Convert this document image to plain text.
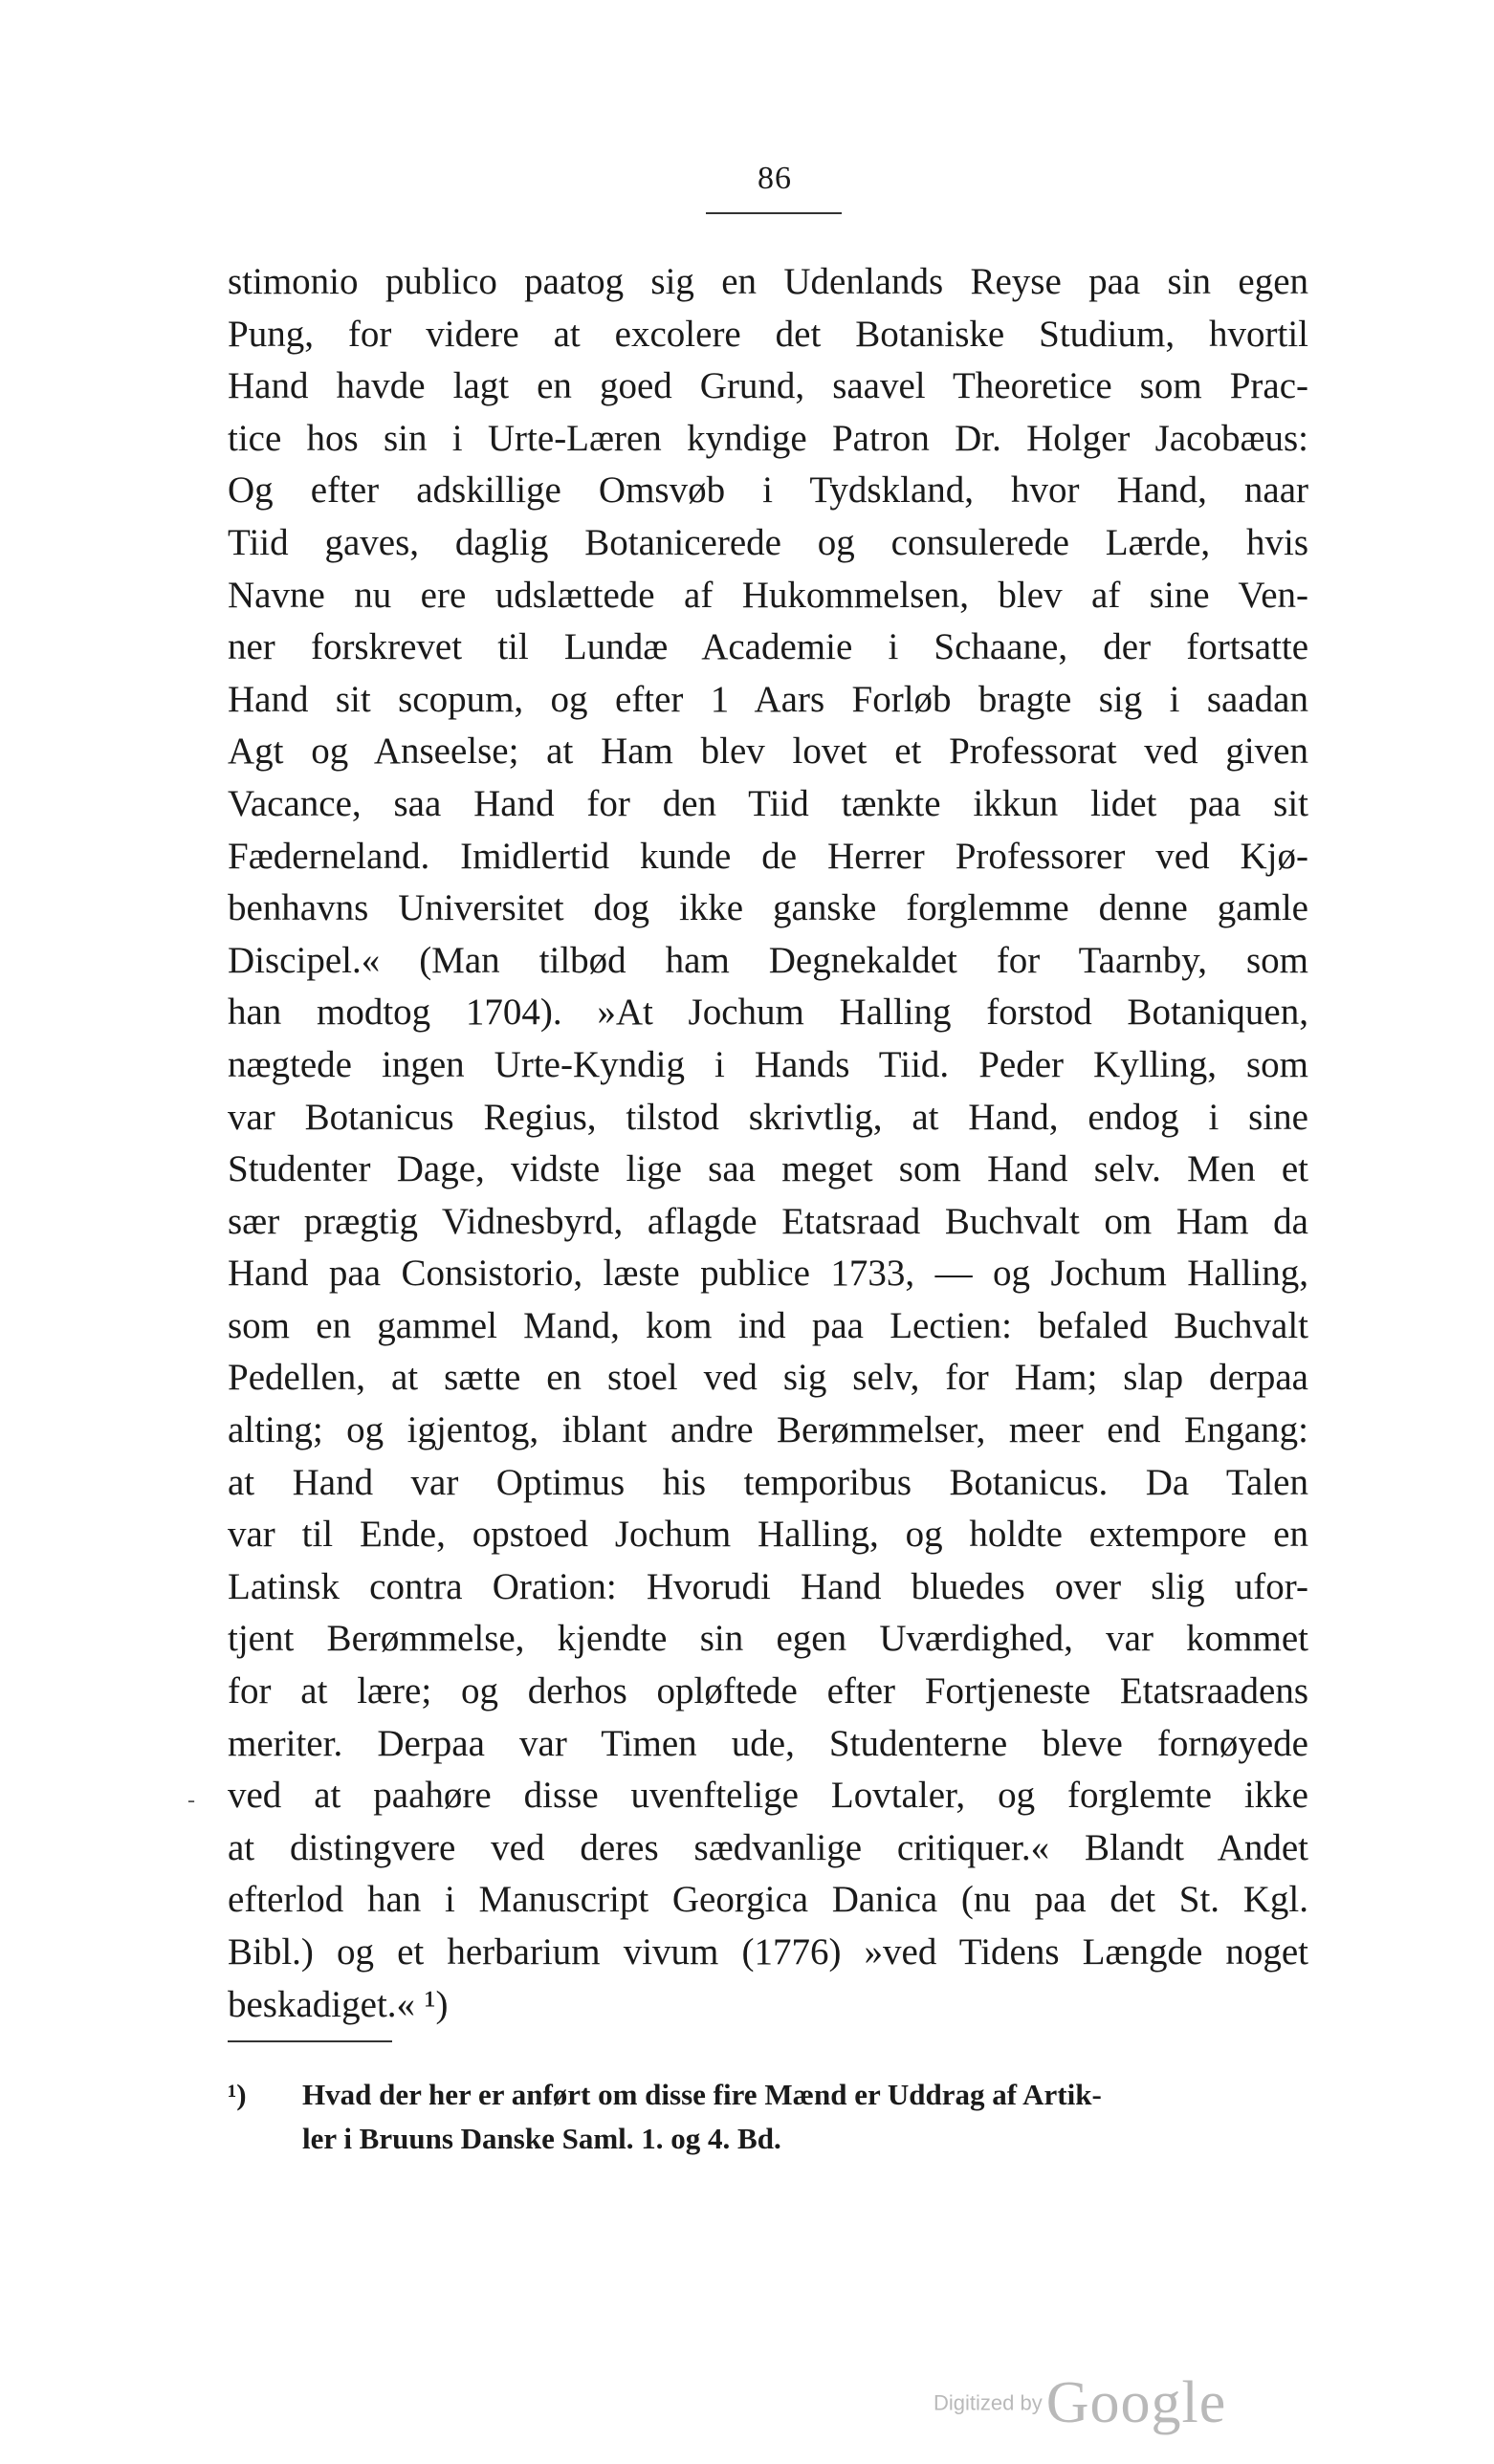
86
-
stimonio publico paatog sig en Udenlands Reyse paa sin egen
Pung, for videre at excolere det Botaniske Studium, hvortil
Hand havde lagt en goed Grund, saavel Theoretice som Prac-
tice hos sin i Urte-Læren kyndige Patron Dr. Holger Jacobæus:
Og efter adskillige Omsvøb i Tydskland, hvor Hand, naar
Tiid gaves, daglig Botanicerede og consulerede Lærde, hvis
Navne nu ere udslættede af Hukommelsen, blev af sine Ven-
ner forskrevet til Lundæ Academie i Schaane, der fortsatte
Hand sit scopum, og efter 1 Aars Forløb bragte sig i saadan
Agt og Anseelse; at Ham blev lovet et Professorat ved given
Vacance, saa Hand for den Tiid tænkte ikkun lidet paa sit
Fæderneland. Imidlertid kunde de Herrer Professorer ved Kjø-
benhavns Universitet dog ikke ganske forglemme denne gamle
Discipel.« (Man tilbød ham Degnekaldet for Taarnby, som
han modtog 1704). »At Jochum Halling forstod Botaniquen,
nægtede ingen Urte-Kyndig i Hands Tiid. Peder Kylling, som
var Botanicus Regius, tilstod skrivtlig, at Hand, endog i sine
Studenter Dage, vidste lige saa meget som Hand selv. Men et
sær prægtig Vidnesbyrd, aflagde Etatsraad Buchvalt om Ham da
Hand paa Consistorio, læste publice 1733, — og Jochum Halling,
som en gammel Mand, kom ind paa Lectien: befaled Buchvalt
Pedellen, at sætte en stoel ved sig selv, for Ham; slap derpaa
alting; og igjentog, iblant andre Berømmelser, meer end Engang:
at Hand var Optimus his temporibus Botanicus. Da Talen
var til Ende, opstoed Jochum Halling, og holdte extempore en
Latinsk contra Oration: Hvorudi Hand bluedes over slig ufor-
tjent Berømmelse, kjendte sin egen Uværdighed, var kommet
for at lære; og derhos opløftede efter Fortjeneste Etatsraadens
meriter. Derpaa var Timen ude, Studenterne bleve fornøyede
ved at paahøre disse uvеnftelige Lovtaler, og forglemte ikke
at distingvere ved deres sædvanlige critiquer.« Blandt Andet
efterlod han i Manuscript Georgica Danica (nu paa det St. Kgl.
Bibl.) og et herbarium vivum (1776) »ved Tidens Længde noget
beskadiget.« ¹)
¹) Hvad der her er anført om disse fire Mænd er Uddrag af Artik-
ler i Bruuns Danske Saml. 1. og 4. Bd.
Digitized by Google
